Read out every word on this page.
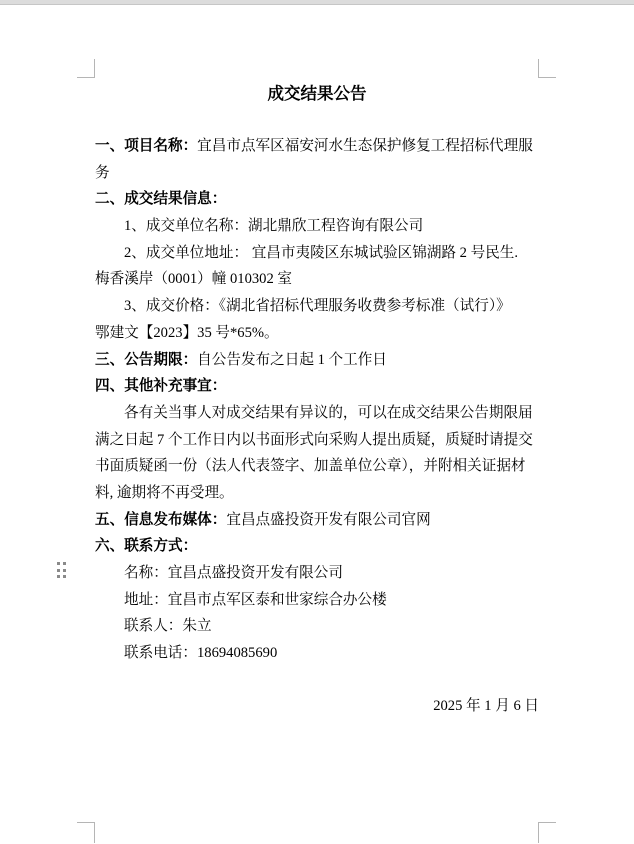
成交结果公告
一、项目名称：宜昌市点军区福安河水生态保护修复工程招标代理服
务
二、成交结果信息：
1、成交单位名称：湖北鼎欣工程咨询有限公司
2、成交单位地址： 宜昌市夷陵区东城试验区锦湖路 2 号民生.
梅香溪岸（0001）幢 010302 室
3、成交价格：《湖北省招标代理服务收费参考标准（试行）》
鄂建文【2023】35 号*65%。
三、公告期限：自公告发布之日起 1 个工作日
四、其他补充事宜：
各有关当事人对成交结果有异议的，可以在成交结果公告期限届
满之日起 7 个工作日内以书面形式向采购人提出质疑，质疑时请提交
书面质疑函一份（法人代表签字、加盖单位公章），并附相关证据材
料, 逾期将不再受理。
五、信息发布媒体：宜昌点盛投资开发有限公司官网
六、联系方式：
名称：宜昌点盛投资开发有限公司
地址：宜昌市点军区泰和世家综合办公楼
联系人：朱立
联系电话：18694085690
2025 年 1 月 6 日
